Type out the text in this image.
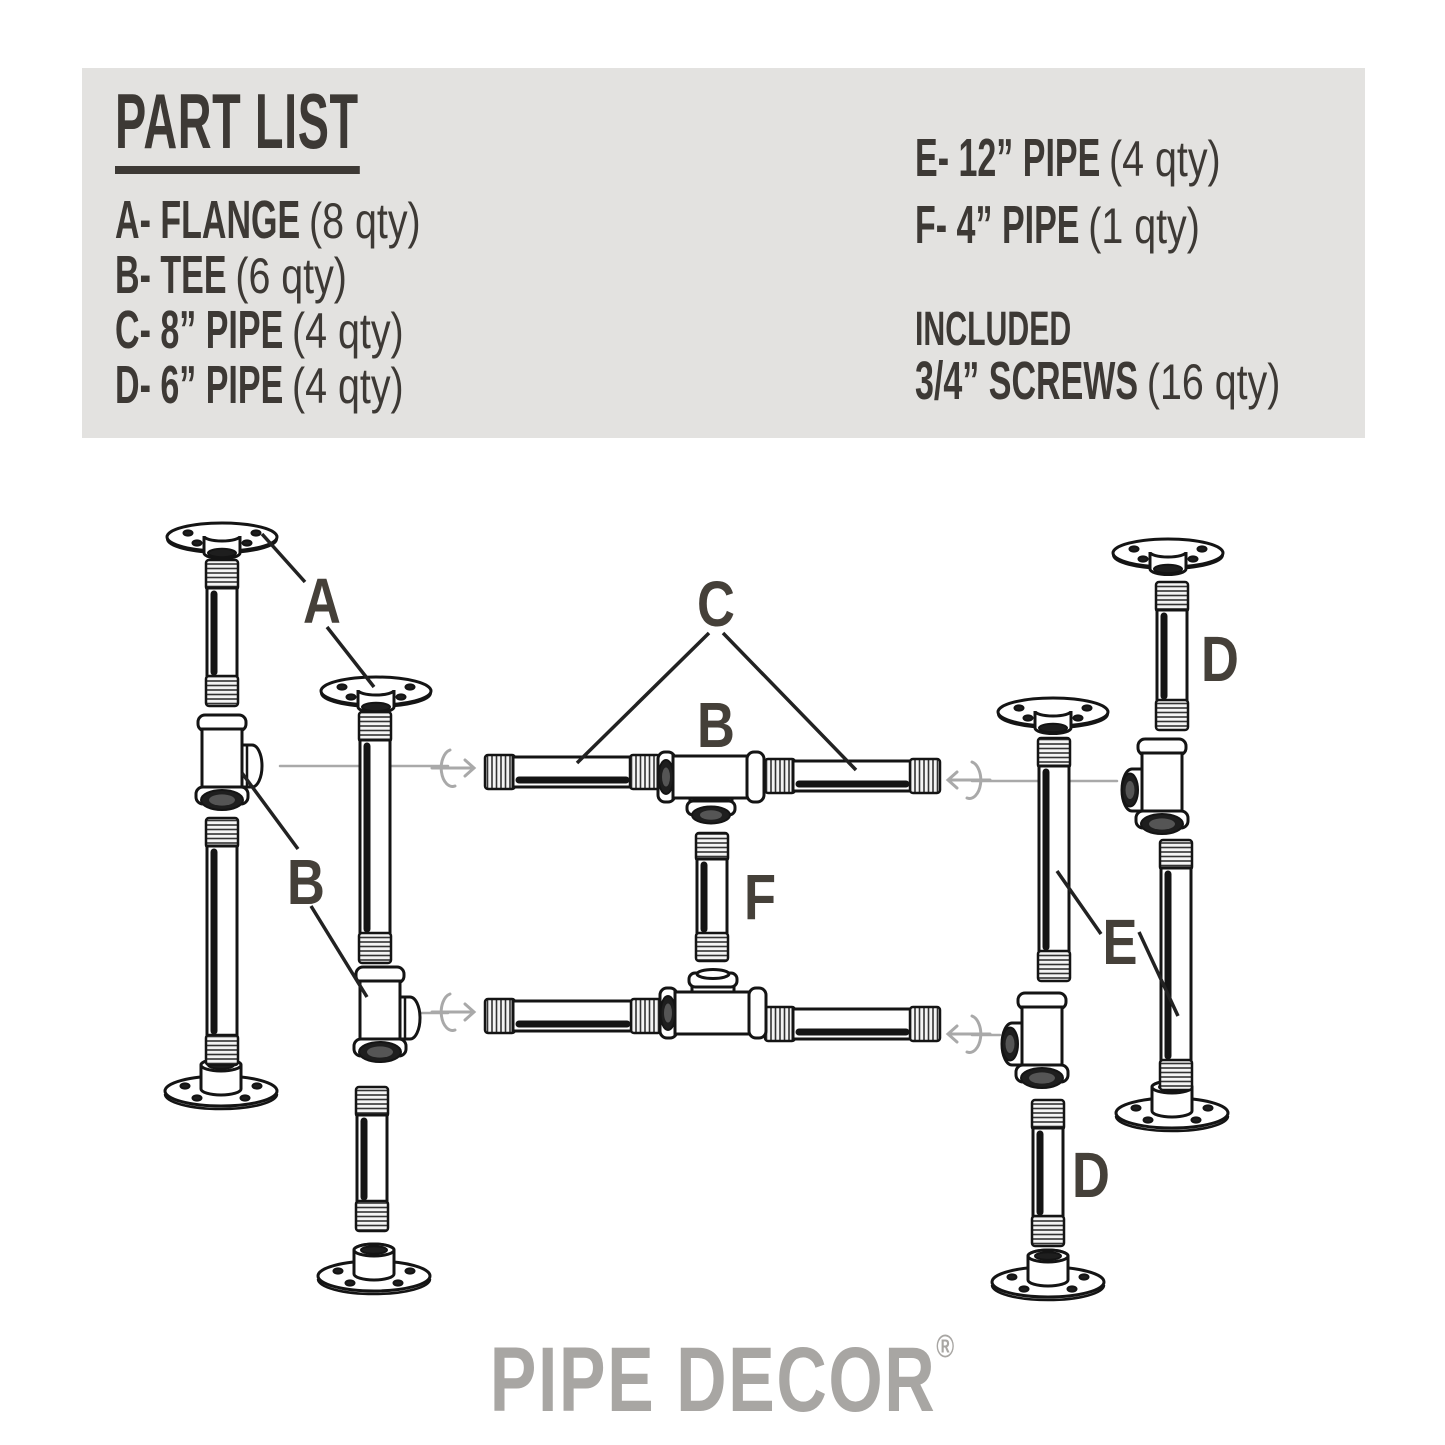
PART LIST
A- FLANGE (8 qty)
B- TEE (6 qty)
C- 8” PIPE (4 qty)
D- 6” PIPE (4 qty)
E- 12” PIPE (4 qty)
F- 4” PIPE (1 qty)
INCLUDED
3/4” SCREWS (16 qty)
A
B
C
B
F
D
E
D
PIPE DECOR®
